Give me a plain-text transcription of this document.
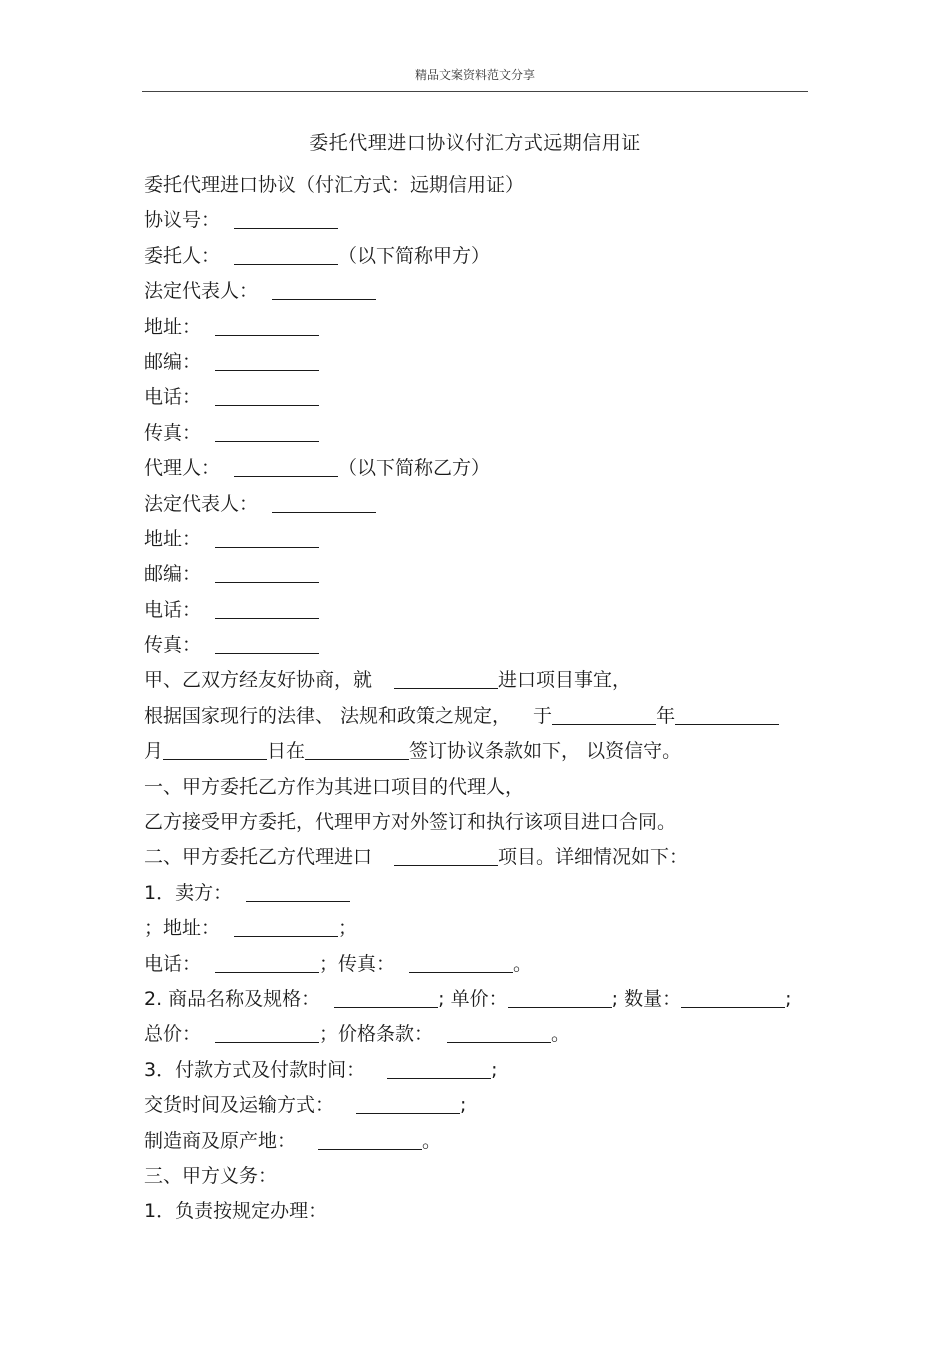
精品文案资料范文分享
委托代理进口协议付汇方式远期信用证
委托代理进口协议（付汇方式：远期信用证）
协议号：
委托人：	（以下简称甲方）
法定代表人：
地址：
邮编：
电话：
传真：
代理人：	（以下简称乙方）
法定代表人：
地址：
邮编：
电话：
传真：
甲、乙双方经友好协商，就	进口项目事宜，
根据国家现行的法律、 法规和政策之规定， 于	年
月	日在	签订协议条款如下， 以资信守。
一、甲方委托乙方作为其进口项目的代理人，
乙方接受甲方委托，代理甲方对外签订和执行该项目进口合同。
二、甲方委托乙方代理进口	项目。详细情况如下：
1．卖方：
；地址：	；
电话：	；传真：	。
2. 商品名称及规格：	; 单价：	; 数量：	;
总价：	；价格条款：	。
3．付款方式及付款时间：	;
交货时间及运输方式：	;
制造商及原产地：	。
三、甲方义务：
1．负责按规定办理：
